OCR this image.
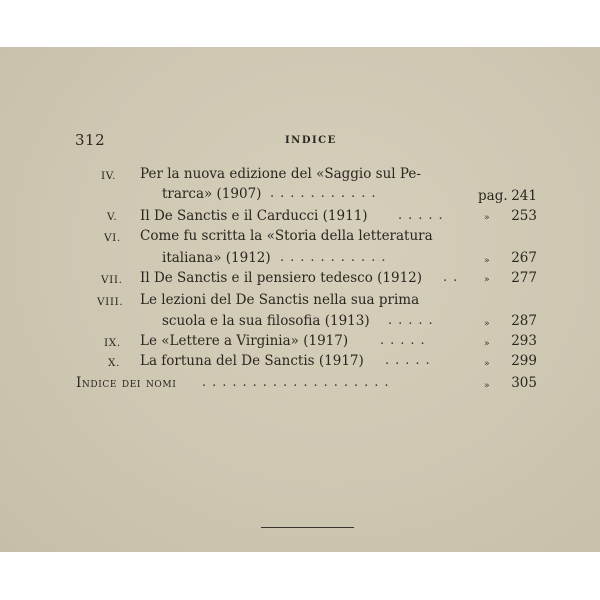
312	INDICE
IV. Per la nuova edizione del «Saggio sul Pe-
trarca» (1907) ...........	pag. 241
V. Il De Sanctis e il Carducci (1911) .....	»	253
VI. Come fu scritta la «Storia della letteratura
italiana» (1912) ...........	»	267
VII. Il De Sanctis e il pensiero tedesco (1912) .. »	277
VIII. Le lezioni del De Sanctis nella sua prima
scuola e la sua filosofia (1913) .....	»	287
IX. Le «Lettere a Virginia» (1917) .....	»	293
X. La fortuna del De Sanctis (1917) .....	»	299
Indice dei nomi ...................	»	305
